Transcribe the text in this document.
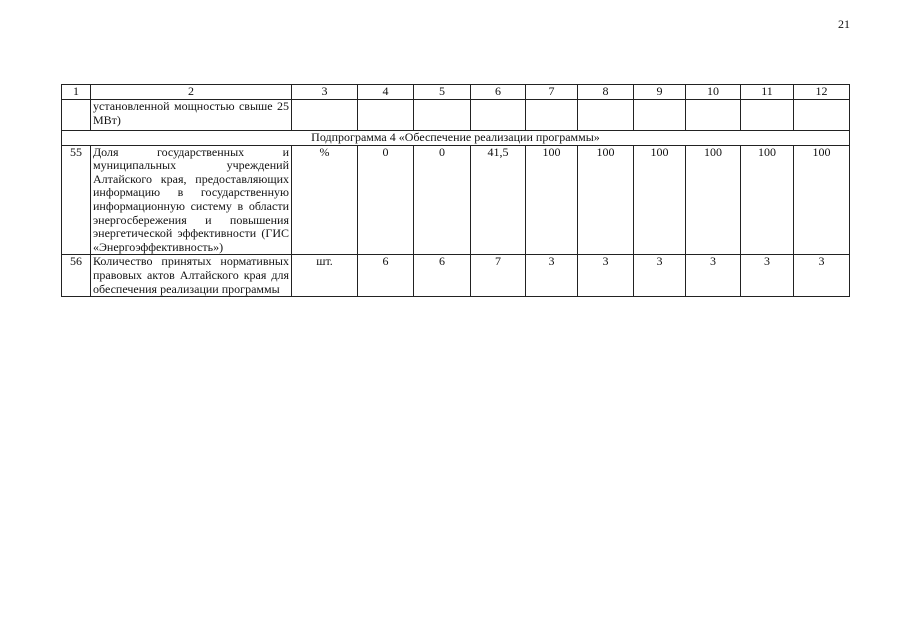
21
1	2	3	4	5	6	7	8	9	10	11	12
	установленной мощностью свыше 25 МВт)										
Подпрограмма 4 «Обеспечение реализации программы»											
55	Доля государственных и муниципальных учреждений Алтайского края, предоставляющих информацию в государственную информационную систему в области энергосбережения и повышения энергетической эффективности (ГИС «Энергоэффективность»)	%	0	0	41,5	100	100	100	100	100	100
56	Количество принятых нормативных правовых актов Алтайского края для обеспечения реализации программы	шт.	6	6	7	3	3	3	3	3	3
